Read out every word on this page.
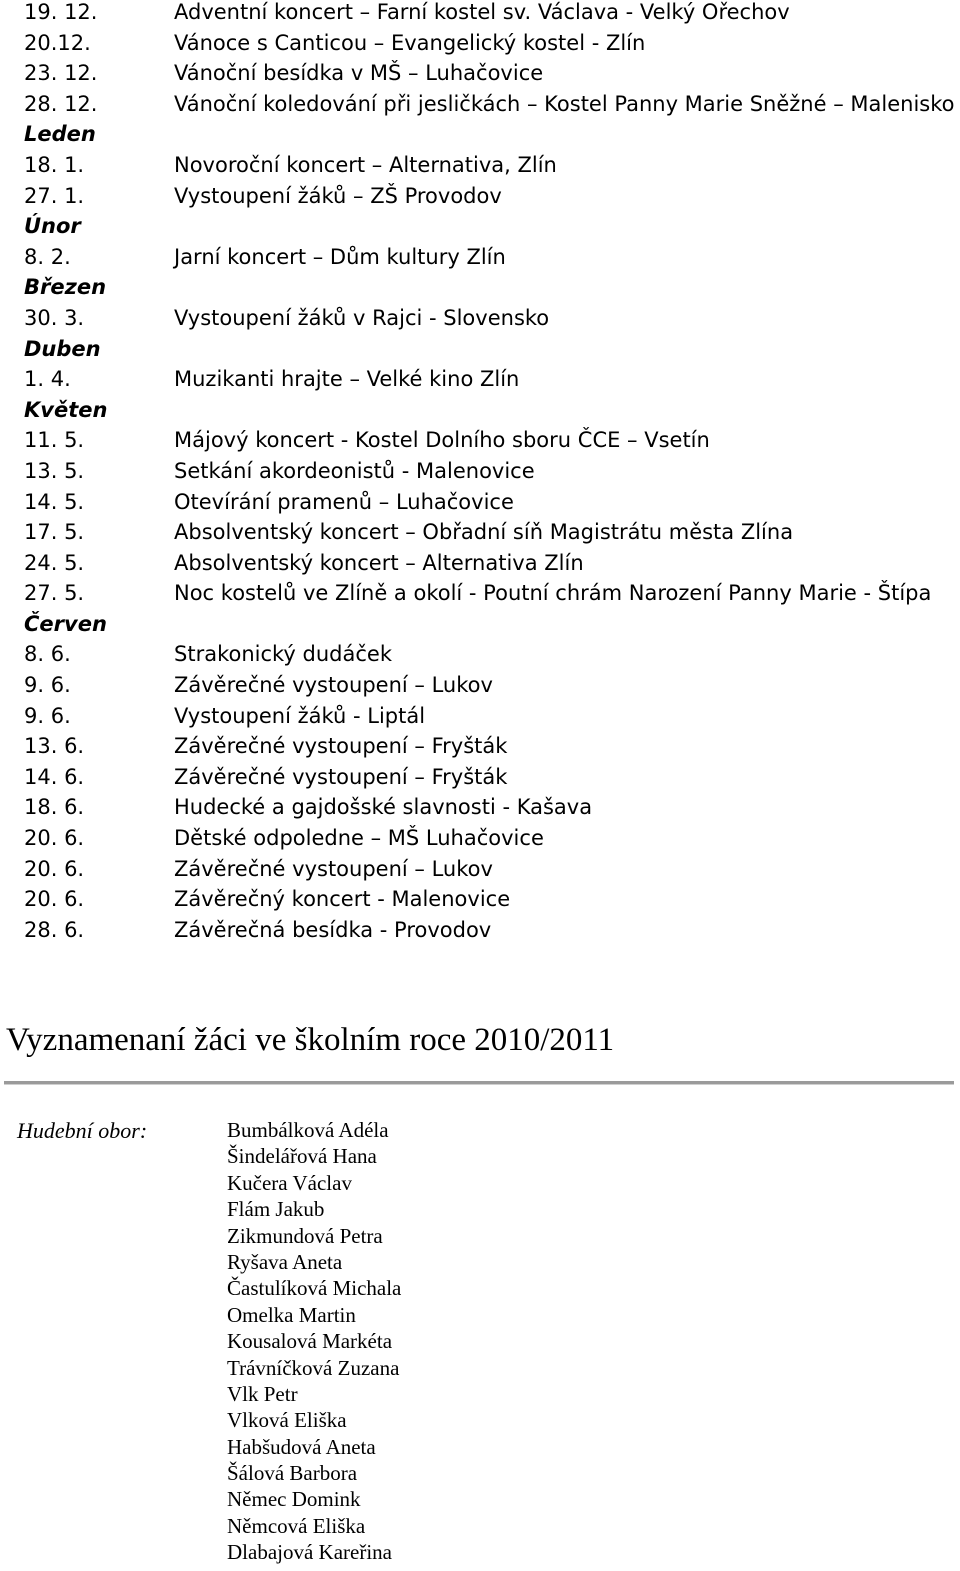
19. 12.	Adventní koncert – Farní kostel sv. Václava - Velký Ořechov
20.12.	Vánoce s Canticou – Evangelický kostel - Zlín
23. 12.	Vánoční besídka v MŠ – Luhačovice
28. 12.	Vánoční koledování při jesličkách – Kostel Panny Marie Sněžné – Malenisko
Leden
18. 1.	Novoroční koncert – Alternativa, Zlín
27. 1.	Vystoupení žáků – ZŠ Provodov
Únor
8. 2.	Jarní koncert – Dům kultury Zlín
Březen
30. 3.	Vystoupení žáků v Rajci - Slovensko
Duben
1. 4.	Muzikanti hrajte – Velké kino Zlín
Květen
11. 5.	Májový koncert - Kostel Dolního sboru ČCE – Vsetín
13. 5.	Setkání akordeonistů - Malenovice
14. 5.	Otevírání pramenů – Luhačovice
17. 5.	Absolventský koncert – Obřadní síň Magistrátu města Zlína
24. 5.	Absolventský koncert – Alternativa Zlín
27. 5.	Noc kostelů ve Zlíně a okolí - Poutní chrám Narození Panny Marie - Štípa
Červen
8. 6.	Strakonický dudáček
9. 6.	Závěrečné vystoupení – Lukov
9. 6.	Vystoupení žáků - Liptál
13. 6.	Závěrečné vystoupení – Fryšták
14. 6.	Závěrečné vystoupení – Fryšták
18. 6.	Hudecké a gajdošské slavnosti - Kašava
20. 6.	Dětské odpoledne – MŠ Luhačovice
20. 6.	Závěrečné vystoupení – Lukov
20. 6.	Závěrečný koncert - Malenovice
28. 6.	Závěrečná besídka - Provodov
Vyznamenaní žáci ve školním roce 2010/2011
Hudební obor:	Bumbálková Adéla
Šindelářová Hana
Kučera Václav
Flám Jakub
Zikmundová Petra
Ryšava Aneta
Častulíková Michala
Omelka Martin
Kousalová Markéta
Trávníčková Zuzana
Vlk Petr
Vlková Eliška
Habšudová Aneta
Šálová Barbora
Němec Domink
Němcová Eliška
Dlabajová Kareřina
